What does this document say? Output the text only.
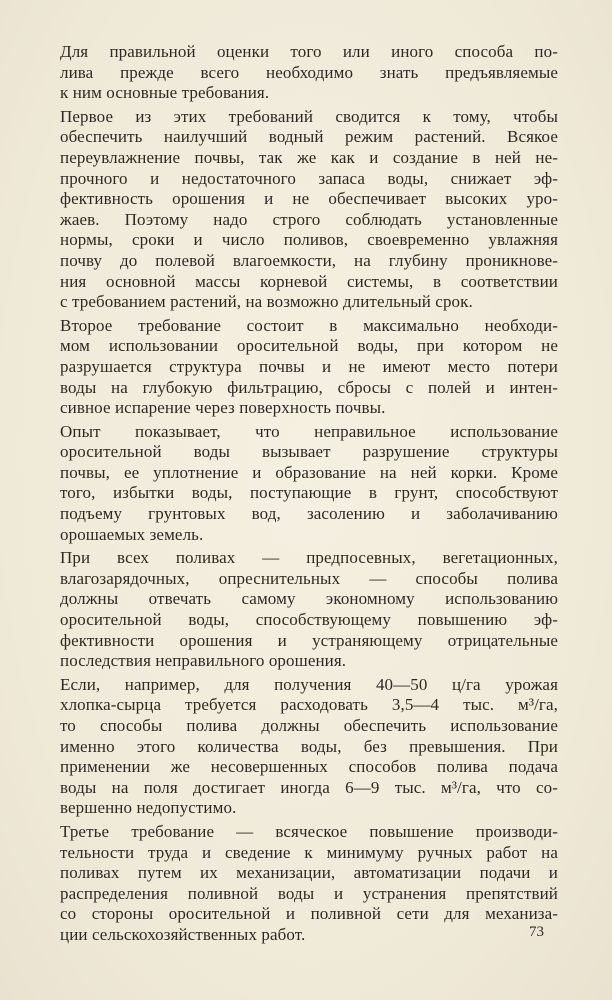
Для правильной оценки того или иного способа по-
лива прежде всего необходимо знать предъявляемые
к ним основные требования.

Первое из этих требований сводится к тому, чтобы
обеспечить наилучший водный режим растений. Всякое
переувлажнение почвы, так же как и создание в ней не-
прочного и недостаточного запаса воды, снижает эф-
фективность орошения и не обеспечивает высоких уро-
жаев. Поэтому надо строго соблюдать установленные
нормы, сроки и число поливов, своевременно увлажняя
почву до полевой влагоемкости, на глубину проникнове-
ния основной массы корневой системы, в соответствии
с требованием растений, на возможно длительный срок.

Второе требование состоит в максимально необходи-
мом использовании оросительной воды, при котором не
разрушается структура почвы и не имеют место потери
воды на глубокую фильтрацию, сбросы с полей и интен-
сивное испарение через поверхность почвы.

Опыт показывает, что неправильное использование
оросительной воды вызывает разрушение структуры
почвы, ее уплотнение и образование на ней корки. Кроме
того, избытки воды, поступающие в грунт, способствуют
подъему грунтовых вод, засолению и заболачиванию
орошаемых земель.

При всех поливах — предпосевных, вегетационных,
влагозарядочных, опреснительных — способы полива
должны отвечать самому экономному использованию
оросительной воды, способствующему повышению эф-
фективности орошения и устраняющему отрицательные
последствия неправильного орошения.

Если, например, для получения 40—50 ц/га урожая
хлопка-сырца требуется расходовать 3,5—4 тыс. м³/га,
то способы полива должны обеспечить использование
именно этого количества воды, без превышения. При
применении же несовершенных способов полива подача
воды на поля достигает иногда 6—9 тыс. м³/га, что со-
вершенно недопустимо.

Третье требование — всяческое повышение производи-
тельности труда и сведение к минимуму ручных работ на
поливах путем их механизации, автоматизации подачи и
распределения поливной воды и устранения препятствий
со стороны оросительной и поливной сети для механиза-
ции сельскохозяйственных работ.	73
